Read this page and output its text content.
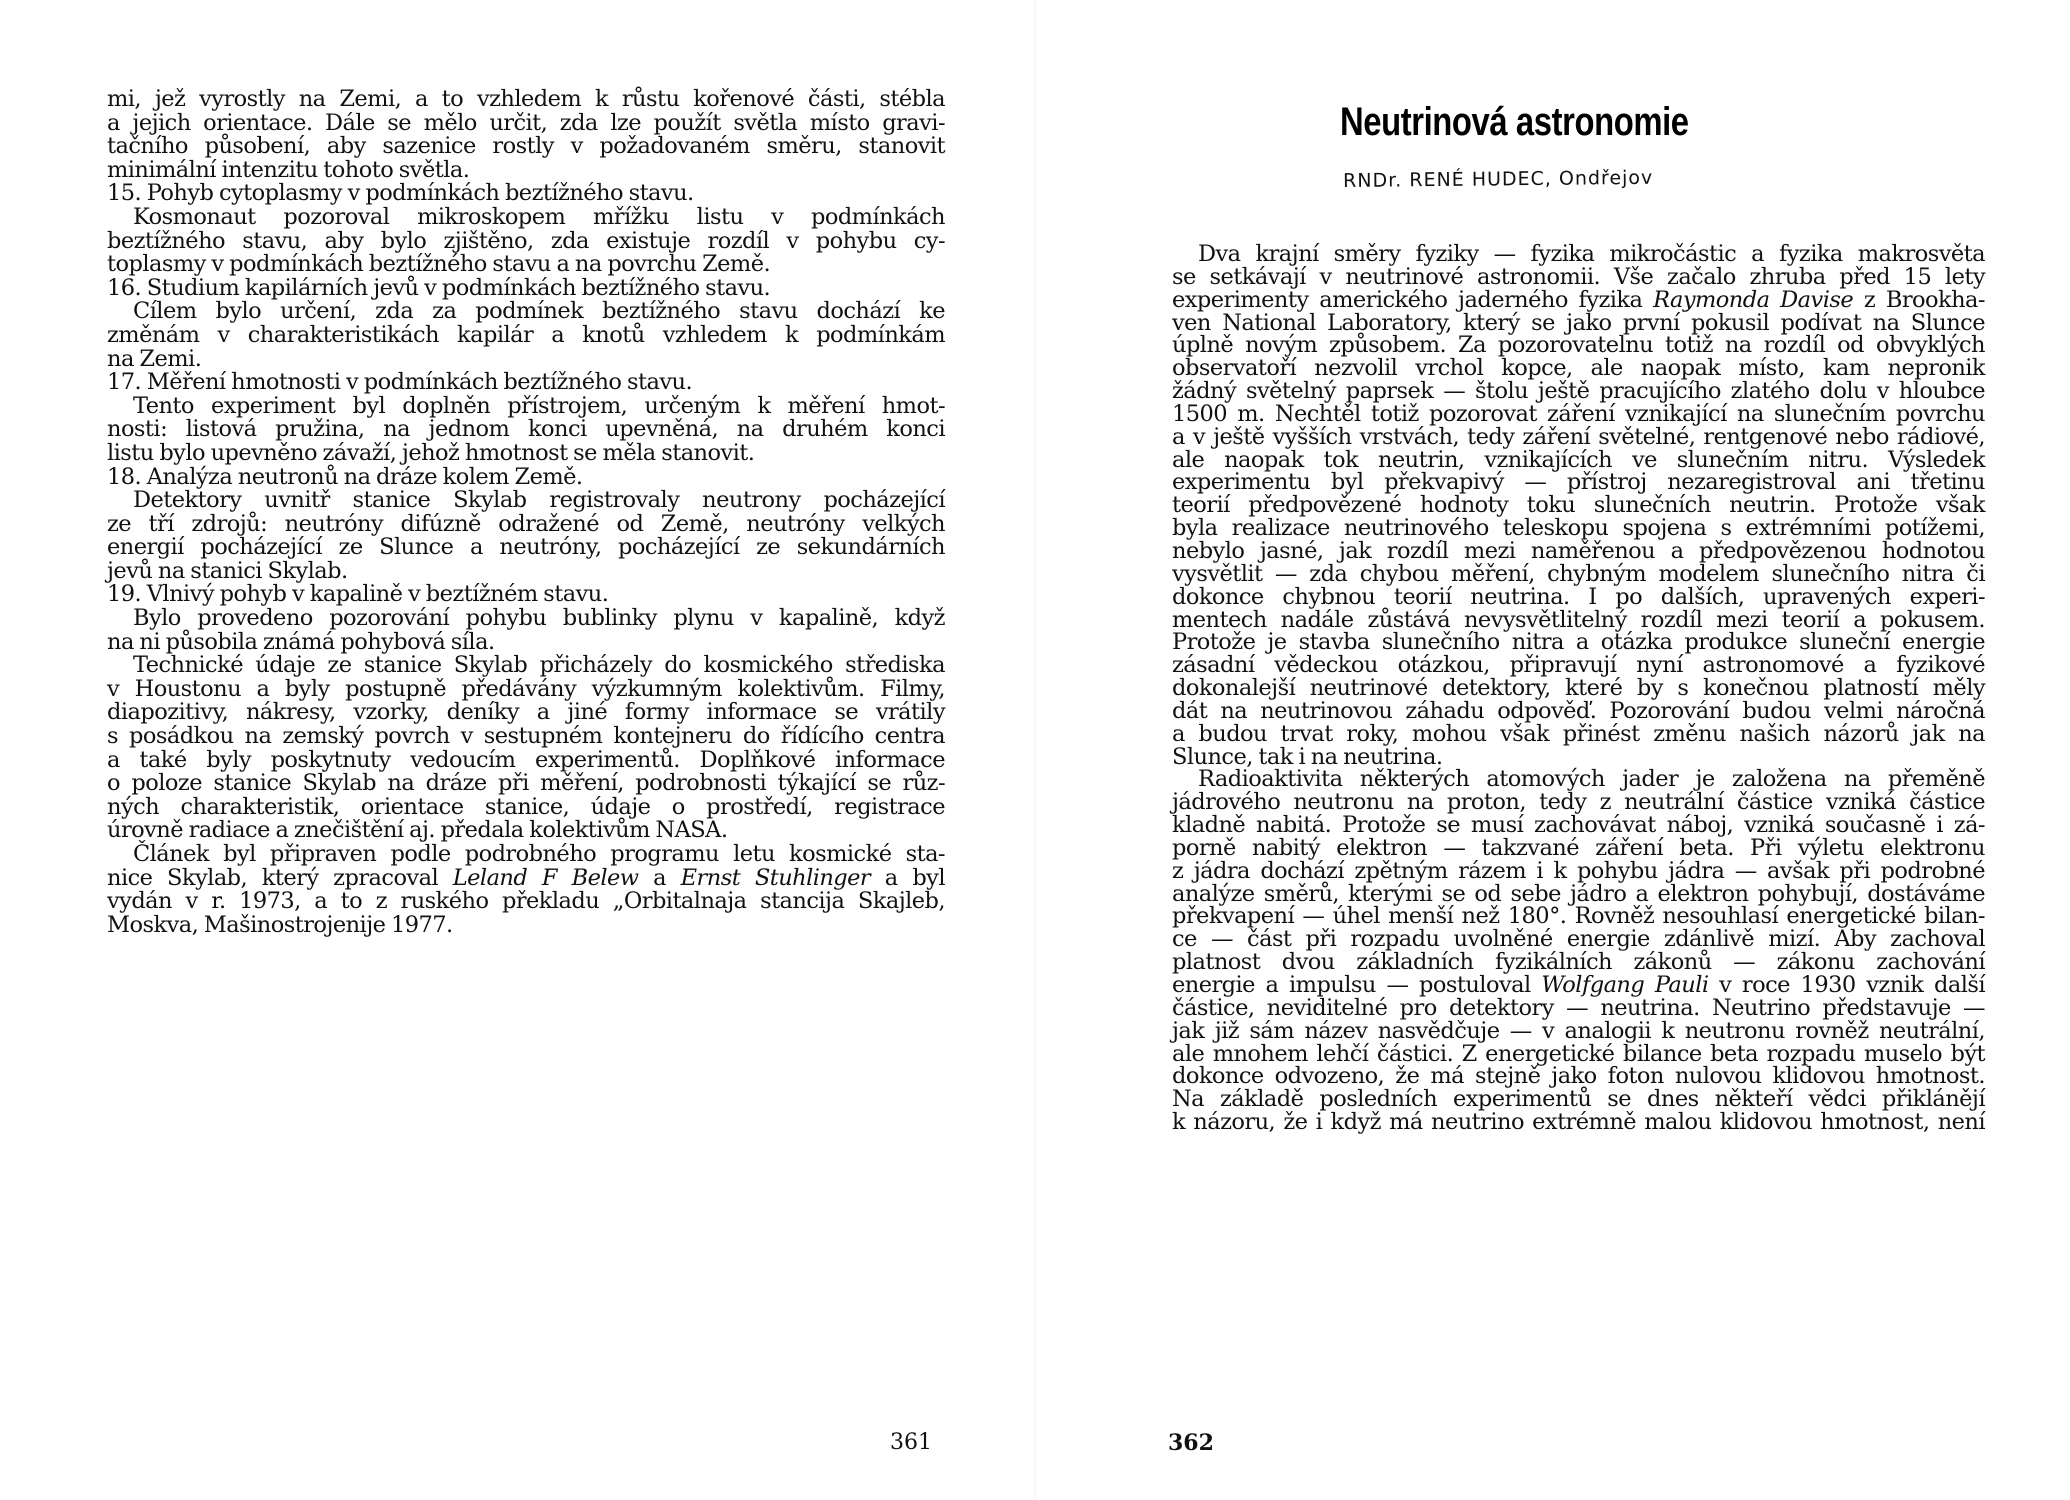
mi, jež vyrostly na Zemi, a to vzhledem k růstu kořenové části, stébla
a jejich orientace. Dále se mělo určit, zda lze použít světla místo gravi-
tačního působení, aby sazenice rostly v požadovaném směru, stanovit
minimální intenzitu tohoto světla.
15. Pohyb cytoplasmy v podmínkách beztížného stavu.
Kosmonaut pozoroval mikroskopem mřížku listu v podmínkách
beztížného stavu, aby bylo zjištěno, zda existuje rozdíl v pohybu cy-
toplasmy v podmínkách beztížného stavu a na povrchu Země.
16. Studium kapilárních jevů v podmínkách beztížného stavu.
Cílem bylo určení, zda za podmínek beztížného stavu dochází ke
změnám v charakteristikách kapilár a knotů vzhledem k podmínkám
na Zemi.
17. Měření hmotnosti v podmínkách beztížného stavu.
Tento experiment byl doplněn přístrojem, určeným k měření hmot-
nosti: listová pružina, na jednom konci upevněná, na druhém konci
listu bylo upevněno závaží, jehož hmotnost se měla stanovit.
18. Analýza neutronů na dráze kolem Země.
Detektory uvnitř stanice Skylab registrovaly neutrony pocházející
ze tří zdrojů: neutróny difúzně odražené od Země, neutróny velkých
energií pocházející ze Slunce a neutróny, pocházející ze sekundárních
jevů na stanici Skylab.
19. Vlnivý pohyb v kapalině v beztížném stavu.
Bylo provedeno pozorování pohybu bublinky plynu v kapalině, když
na ni působila známá pohybová síla.
Technické údaje ze stanice Skylab přicházely do kosmického střediska
v Houstonu a byly postupně předávány výzkumným kolektivům. Filmy,
diapozitivy, nákresy, vzorky, deníky a jiné formy informace se vrátily
s posádkou na zemský povrch v sestupném kontejneru do řídícího centra
a také byly poskytnuty vedoucím experimentů. Doplňkové informace
o poloze stanice Skylab na dráze při měření, podrobnosti týkající se růz-
ných charakteristik, orientace stanice, údaje o prostředí, registrace
úrovně radiace a znečištění aj. předala kolektivům NASA.
Článek byl připraven podle podrobného programu letu kosmické sta-
nice Skylab, který zpracoval Leland F Belew a Ernst Stuhlinger a byl
vydán v r. 1973, a to z ruského překladu „Orbitalnaja stancija Skajleb,
Moskva, Mašinostrojenije 1977.
361
Neutrinová astronomie
RNDr. RENÉ HUDEC, Ondřejov
Dva krajní směry fyziky — fyzika mikročástic a fyzika makrosvěta
se setkávají v neutrinové astronomii. Vše začalo zhruba před 15 lety
experimenty amerického jaderného fyzika Raymonda Davise z Brookha-
ven National Laboratory, který se jako první pokusil podívat na Slunce
úplně novým způsobem. Za pozorovatelnu totiž na rozdíl od obvyklých
observatoří nezvolil vrchol kopce, ale naopak místo, kam nepronik
žádný světelný paprsek — štolu ještě pracujícího zlatého dolu v hloubce
1500 m. Nechtěl totiž pozorovat záření vznikající na slunečním povrchu
a v ještě vyšších vrstvách, tedy záření světelné, rentgenové nebo rádiové,
ale naopak tok neutrin, vznikajících ve slunečním nitru. Výsledek
experimentu byl překvapivý — přístroj nezaregistroval ani třetinu
teorií předpovězené hodnoty toku slunečních neutrin. Protože však
byla realizace neutrinového teleskopu spojena s extrémními potížemi,
nebylo jasné, jak rozdíl mezi naměřenou a předpovězenou hodnotou
vysvětlit — zda chybou měření, chybným modelem slunečního nitra či
dokonce chybnou teorií neutrina. I po dalších, upravených experi-
mentech nadále zůstává nevysvětlitelný rozdíl mezi teorií a pokusem.
Protože je stavba slunečního nitra a otázka produkce sluneční energie
zásadní vědeckou otázkou, připravují nyní astronomové a fyzikové
dokonalejší neutrinové detektory, které by s konečnou platností měly
dát na neutrinovou záhadu odpověď. Pozorování budou velmi náročná
a budou trvat roky, mohou však přinést změnu našich názorů jak na
Slunce, tak i na neutrina.
Radioaktivita některých atomových jader je založena na přeměně
jádrového neutronu na proton, tedy z neutrální částice vzniká částice
kladně nabitá. Protože se musí zachovávat náboj, vzniká současně i zá-
porně nabitý elektron — takzvané záření beta. Při výletu elektronu
z jádra dochází zpětným rázem i k pohybu jádra — avšak při podrobné
analýze směrů, kterými se od sebe jádro a elektron pohybují, dostáváme
překvapení — úhel menší než 180°. Rovněž nesouhlasí energetické bilan-
ce — část při rozpadu uvolněné energie zdánlivě mizí. Aby zachoval
platnost dvou základních fyzikálních zákonů — zákonu zachování
energie a impulsu — postuloval Wolfgang Pauli v roce 1930 vznik další
částice, neviditelné pro detektory — neutrina. Neutrino představuje —
jak již sám název nasvědčuje — v analogii k neutronu rovněž neutrální,
ale mnohem lehčí částici. Z energetické bilance beta rozpadu muselo být
dokonce odvozeno, že má stejně jako foton nulovou klidovou hmotnost.
Na základě posledních experimentů se dnes někteří vědci přiklánějí
k názoru, že i když má neutrino extrémně malou klidovou hmotnost, není
362
